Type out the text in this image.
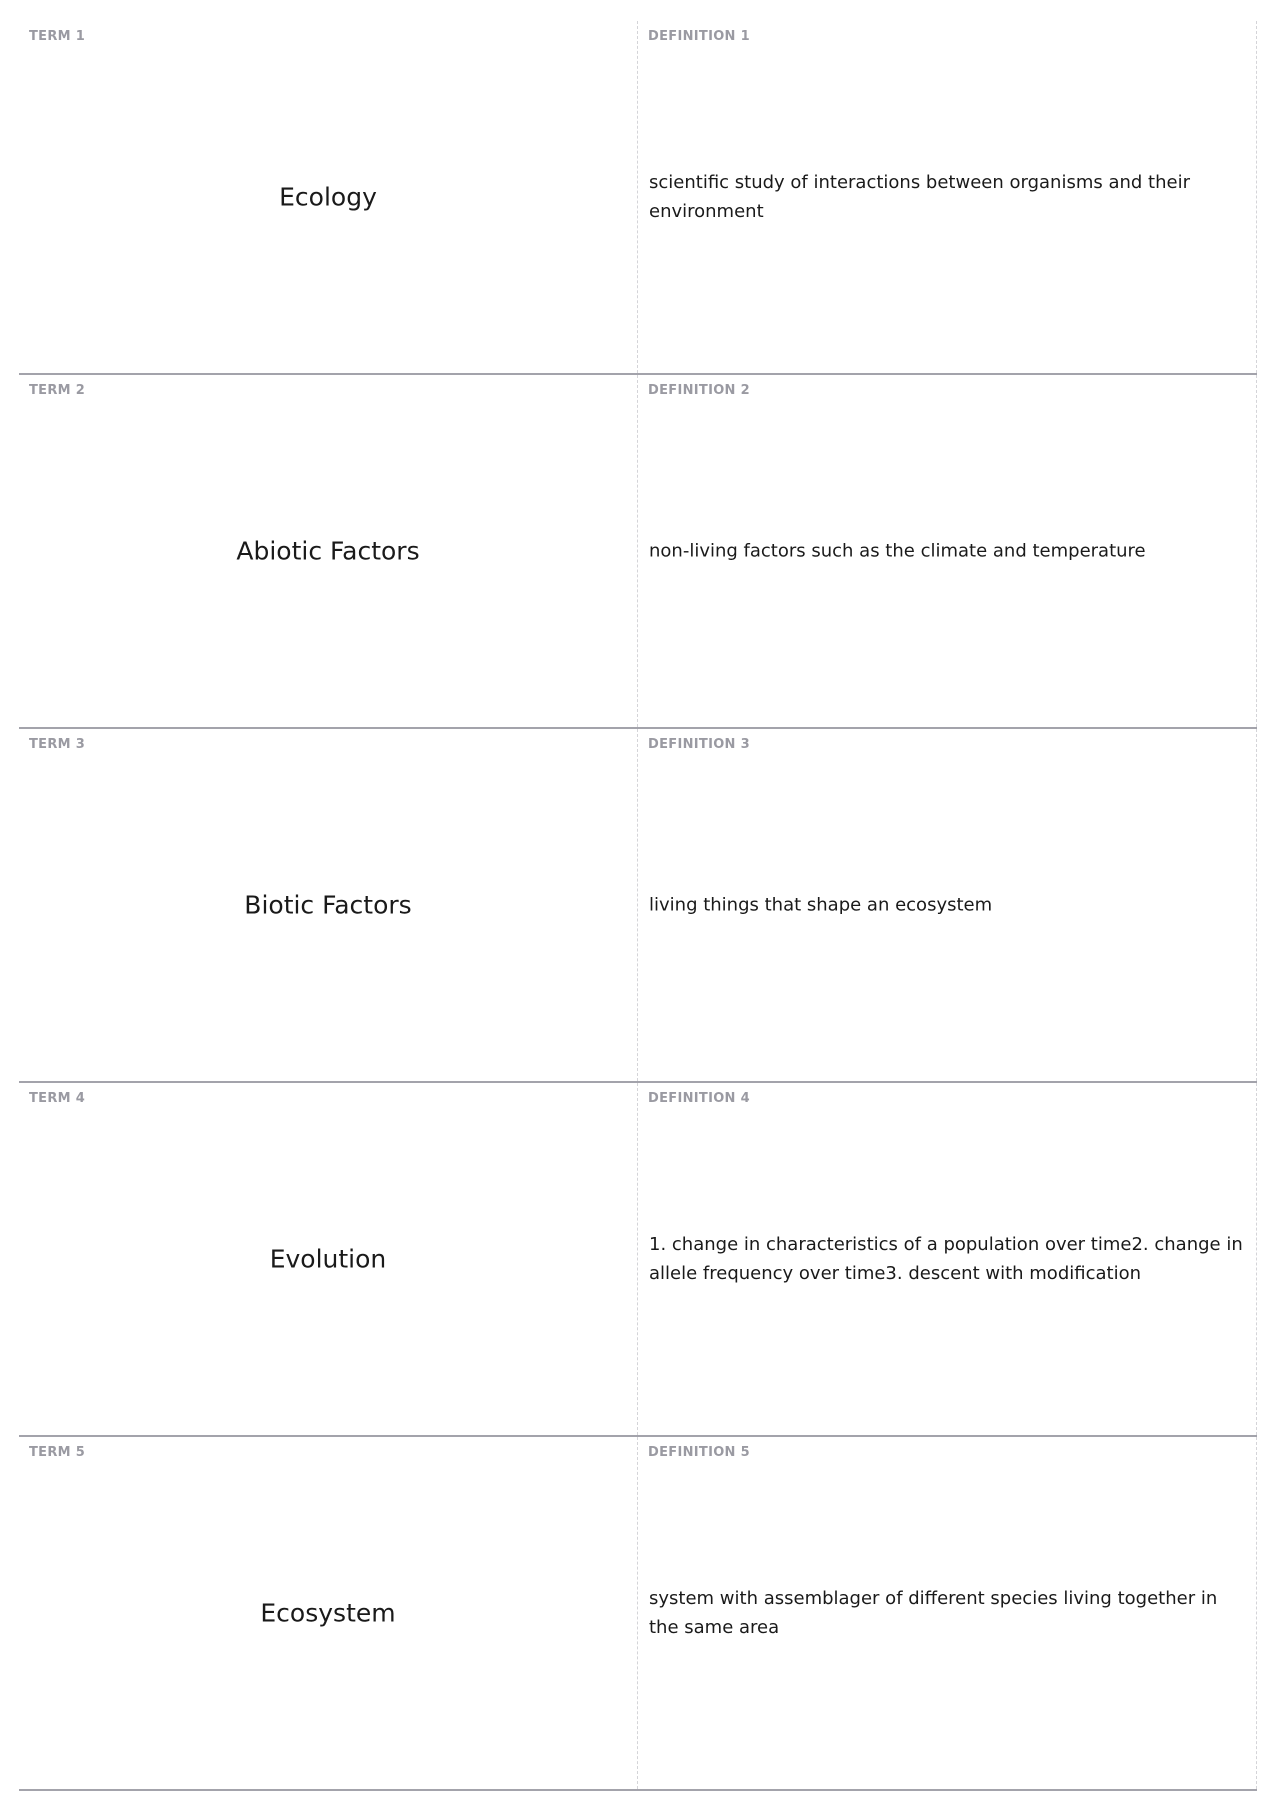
TERM 1
Ecology
DEFINITION 1
scientific study of interactions between organisms and their environment
TERM 2
Abiotic Factors
DEFINITION 2
non-living factors such as the climate and temperature
TERM 3
Biotic Factors
DEFINITION 3
living things that shape an ecosystem
TERM 4
Evolution
DEFINITION 4
1. change in characteristics of a population over time2. change in allele frequency over time3. descent with modification
TERM 5
Ecosystem
DEFINITION 5
system with assemblager of different species living together in the same area
